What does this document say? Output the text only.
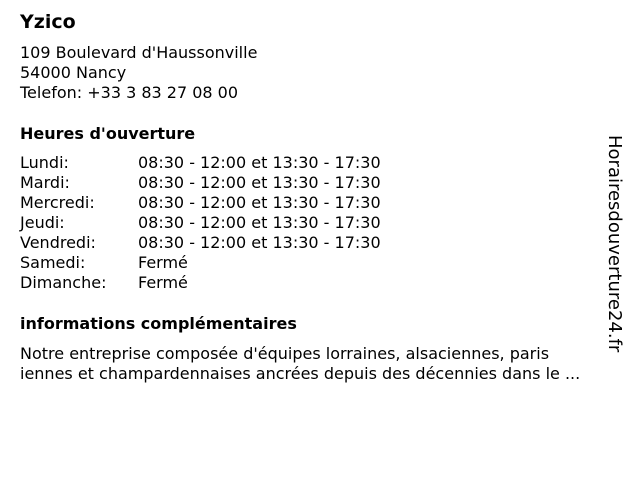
Yzico
109 Boulevard d'Haussonville
54000 Nancy
Telefon: +33 3 83 27 08 00
Heures d'ouverture
Lundi:	08:30 - 12:00 et 13:30 - 17:30
Mardi:	08:30 - 12:00 et 13:30 - 17:30
Mercredi:	08:30 - 12:00 et 13:30 - 17:30
Jeudi:	08:30 - 12:00 et 13:30 - 17:30
Vendredi:	08:30 - 12:00 et 13:30 - 17:30
Samedi:	Fermé
Dimanche: Fermé
informations complémentaires
Notre entreprise composée d'équipes lorraines, alsaciennes, paris
iennes et champardennaises ancrées depuis des décennies dans le ...
Horairesdouverture24.fr
